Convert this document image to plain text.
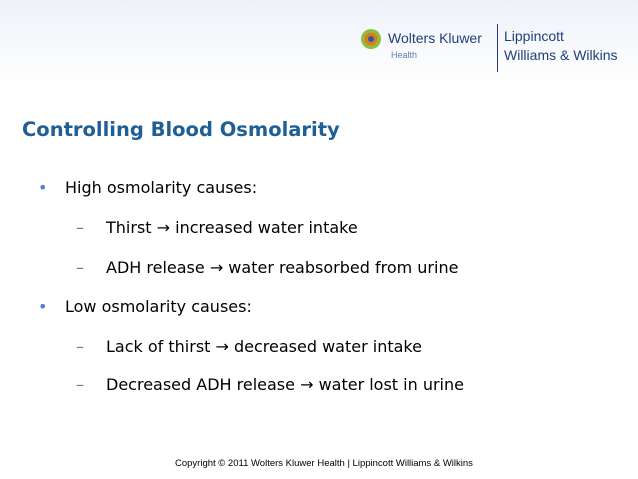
Wolters Kluwer
Health
Lippincott
Williams & Wilkins
Controlling Blood Osmolarity
• High osmolarity causes:
– Thirst → increased water intake
– ADH release → water reabsorbed from urine
• Low osmolarity causes:
– Lack of thirst → decreased water intake
– Decreased ADH release → water lost in urine
Copyright © 2011 Wolters Kluwer Health | Lippincott Williams & Wilkins
